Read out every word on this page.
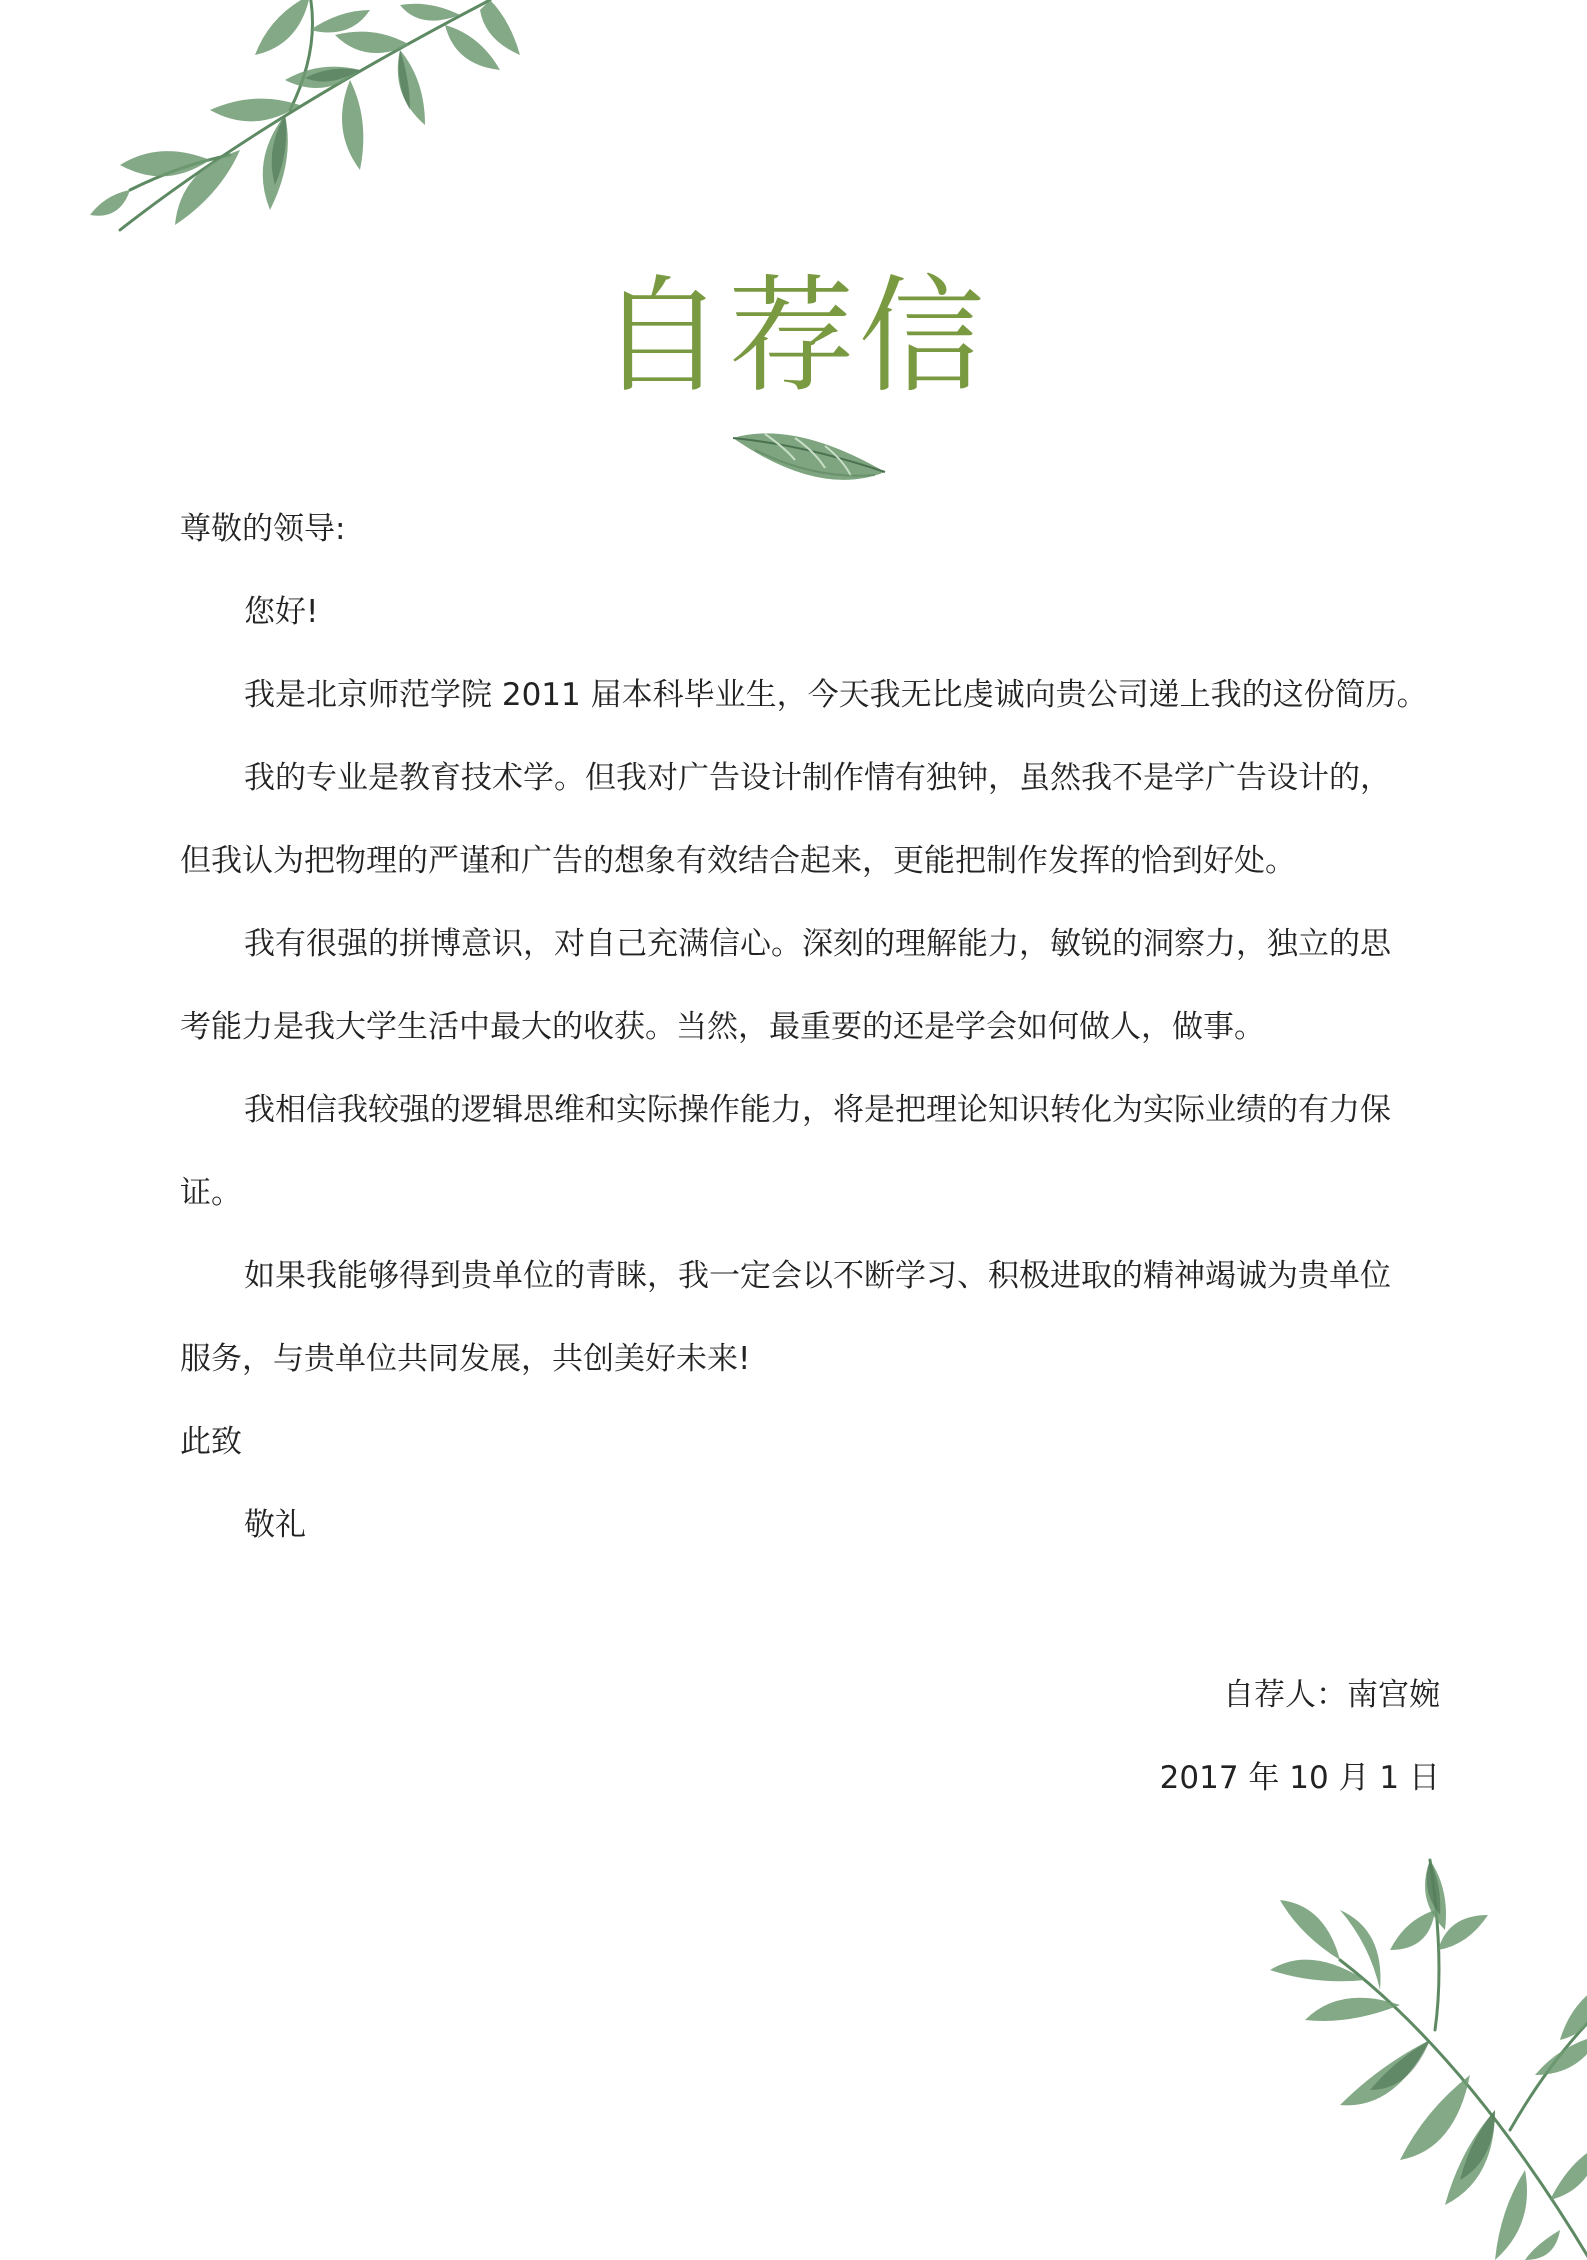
自荐信
尊敬的领导:
您好!
我是北京师范学院 2011 届本科毕业生，今天我无比虔诚向贵公司递上我的这份简历。
我的专业是教育技术学。但我对广告设计制作情有独钟，虽然我不是学广告设计的，
但我认为把物理的严谨和广告的想象有效结合起来，更能把制作发挥的恰到好处。
我有很强的拼博意识，对自己充满信心。深刻的理解能力，敏锐的洞察力，独立的思
考能力是我大学生活中最大的收获。当然，最重要的还是学会如何做人，做事。
我相信我较强的逻辑思维和实际操作能力，将是把理论知识转化为实际业绩的有力保
证。
如果我能够得到贵单位的青睐，我一定会以不断学习、积极进取的精神竭诚为贵单位
服务，与贵单位共同发展，共创美好未来!
此致
敬礼
自荐人：南宫婉
2017 年 10 月 1 日
